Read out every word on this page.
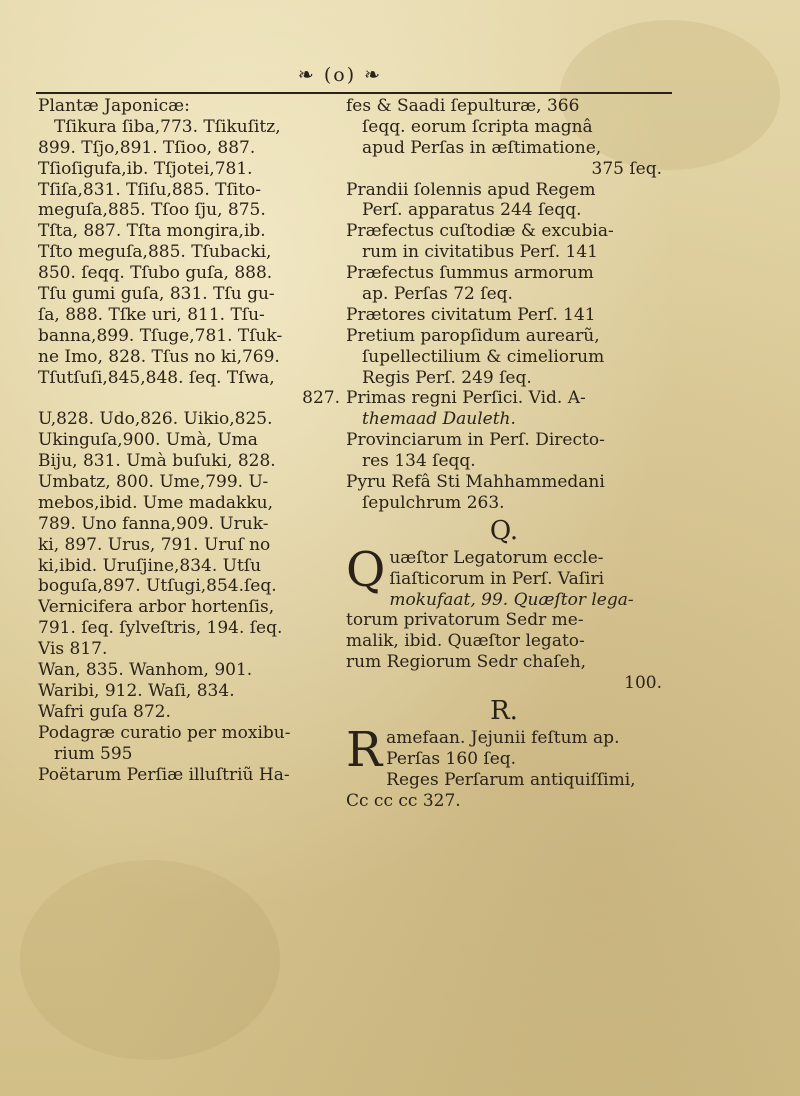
❧ (o) ❧
Plantæ Japonicæ:
Tſikura ſiba,773. Tſikuſitz,
899. Tſjo,891. Tſioo, 887.
Tſioſigufa,ib. Tſjotei,781.
Tſiſa,831. Tſiſu,885. Tſito-
meguſa,885. Tſoo ſju, 875.
Tſta, 887. Tſta mongira,ib.
Tſto meguſa,885. Tſubacki,
850. ſeqq. Tſubo guſa, 888.
Tſu gumi guſa, 831. Tſu gu-
ſa, 888. Tſke uri, 811. Tſu-
banna,899. Tſuge,781. Tſuk-
ne Imo, 828. Tſus no ki,769.
Tſutſuſi,845,848. ſeq. Tſwa,
827.
U,828. Udo,826. Uikio,825.
Ukinguſa,900. Umà, Uma
Biju, 831. Umà buſuki, 828.
Umbatz, 800. Ume,799. U-
mebos,ibid. Ume madakku,
789. Uno fanna,909. Uruk-
ki, 897. Urus, 791. Uruſ no
ki,ibid. Uruſjine,834. Utſu
boguſa,897. Utſugi,854.ſeq.
Vernicifera arbor hortenſis,
791. ſeq. ſylveſtris, 194. ſeq.
Vis 817.
Wan, 835. Wanhom, 901.
Waribi, 912. Waſi, 834.
Wafri guſa 872.
Podagræ curatio per moxibu-
rium 595
Poëtarum Perſiæ illuſtriũ Ha-
fes & Saadi ſepulturæ, 366
ſeqq. eorum ſcripta magnâ
apud Perſas in æſtimatione,
375 ſeq.
Prandii ſolennis apud Regem
Perſ. apparatus 244 ſeqq.
Præfectus cuſtodiæ & excubia-
rum in civitatibus Perſ. 141
Præfectus ſummus armorum
ap. Perſas 72 ſeq.
Prætores civitatum Perſ. 141
Pretium paropſidum aurearũ,
ſupellectilium & cimeliorum
Regis Perſ. 249 ſeq.
Primas regni Perſici. Vid. A-
themaad Dauleth.
Provinciarum in Perſ. Directo-
res 134 ſeqq.
Pyru Refâ Sti Mahhammedani
ſepulchrum 263.
Q.
Q uæſtor Legatorum eccle-
ſiaſticorum in Perſ. Vaſiri
mokufaat, 99. Quæſtor lega-
torum privatorum Sedr me-
malik, ibid. Quæſtor legato-
rum Regiorum Sedr chaſeh,
100.
R.
R amefaan. Jejunii feſtum ap.
Perſas 160 ſeq.
Reges Perſarum antiquiſſimi,
Cc cc cc 327.
